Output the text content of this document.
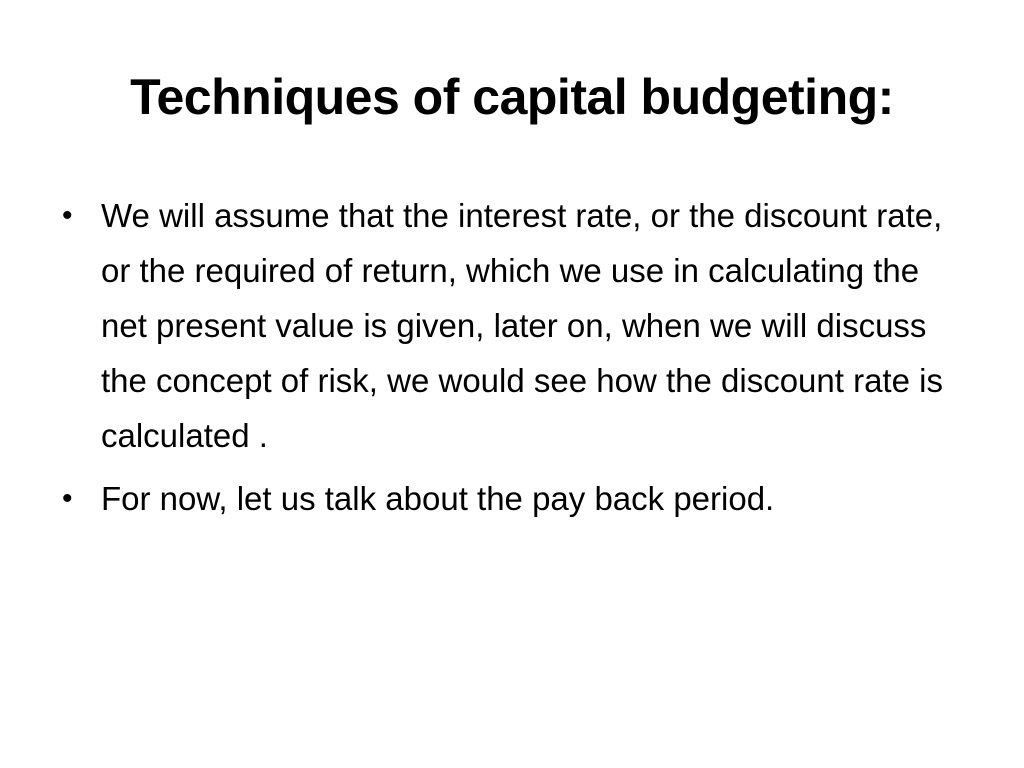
Techniques of capital budgeting:
• We will assume that the interest rate, or the discount rate, or the required of return, which we use in calculating the net present value is given, later on, when we will discuss the concept of risk, we would see how the discount rate is calculated .
• For now, let us talk about the pay back period.
